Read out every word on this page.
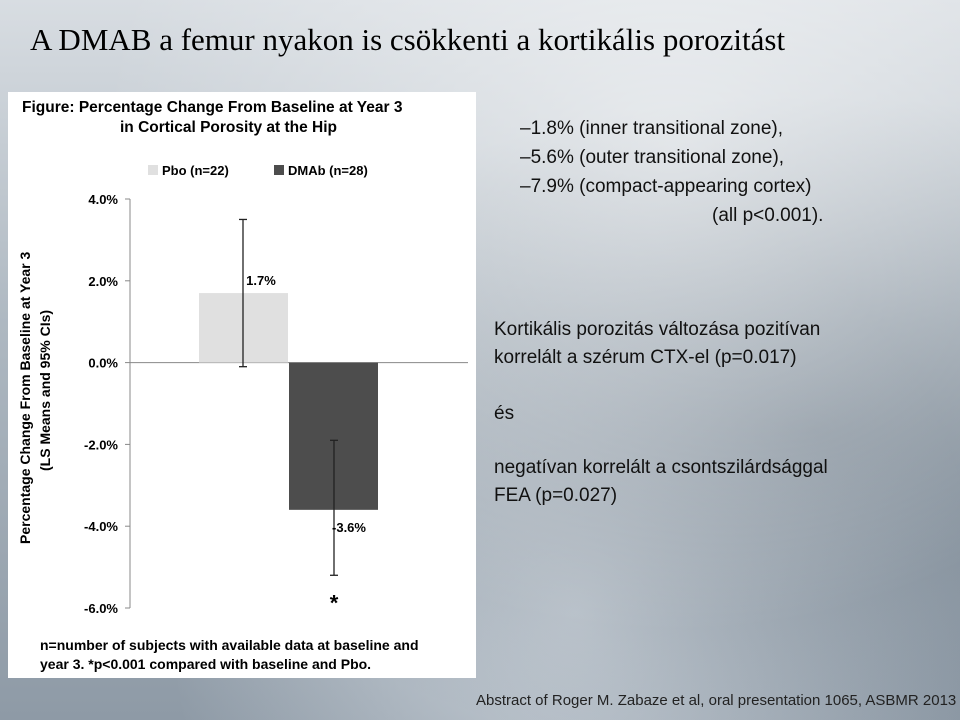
A DMAB a femur nyakon is csökkenti a kortikális porozitást
Figure: Percentage Change From Baseline at Year 3
in Cortical Porosity at the Hip
Pbo (n=22)	DMAb (n=28)
Percentage Change From Baseline at Year 3 (LS Means and 95% CIs)
4.0%
2.0%
0.0%
-2.0%
-4.0%
-6.0%
1.7%
-3.6%
*
n=number of subjects with available data at baseline and
year 3. *p<0.001 compared with baseline and Pbo.
–1.8% (inner transitional zone),
–5.6% (outer transitional zone),
–7.9% (compact-appearing cortex)
(all p<0.001).
Kortikális porozitás változása pozitívan
korrelált a szérum CTX-el (p=0.017)
és
negatívan korrelált a csontszilárdsággal
FEA (p=0.027)
Abstract of Roger M. Zabaze et al, oral presentation 1065, ASBMR 2013
